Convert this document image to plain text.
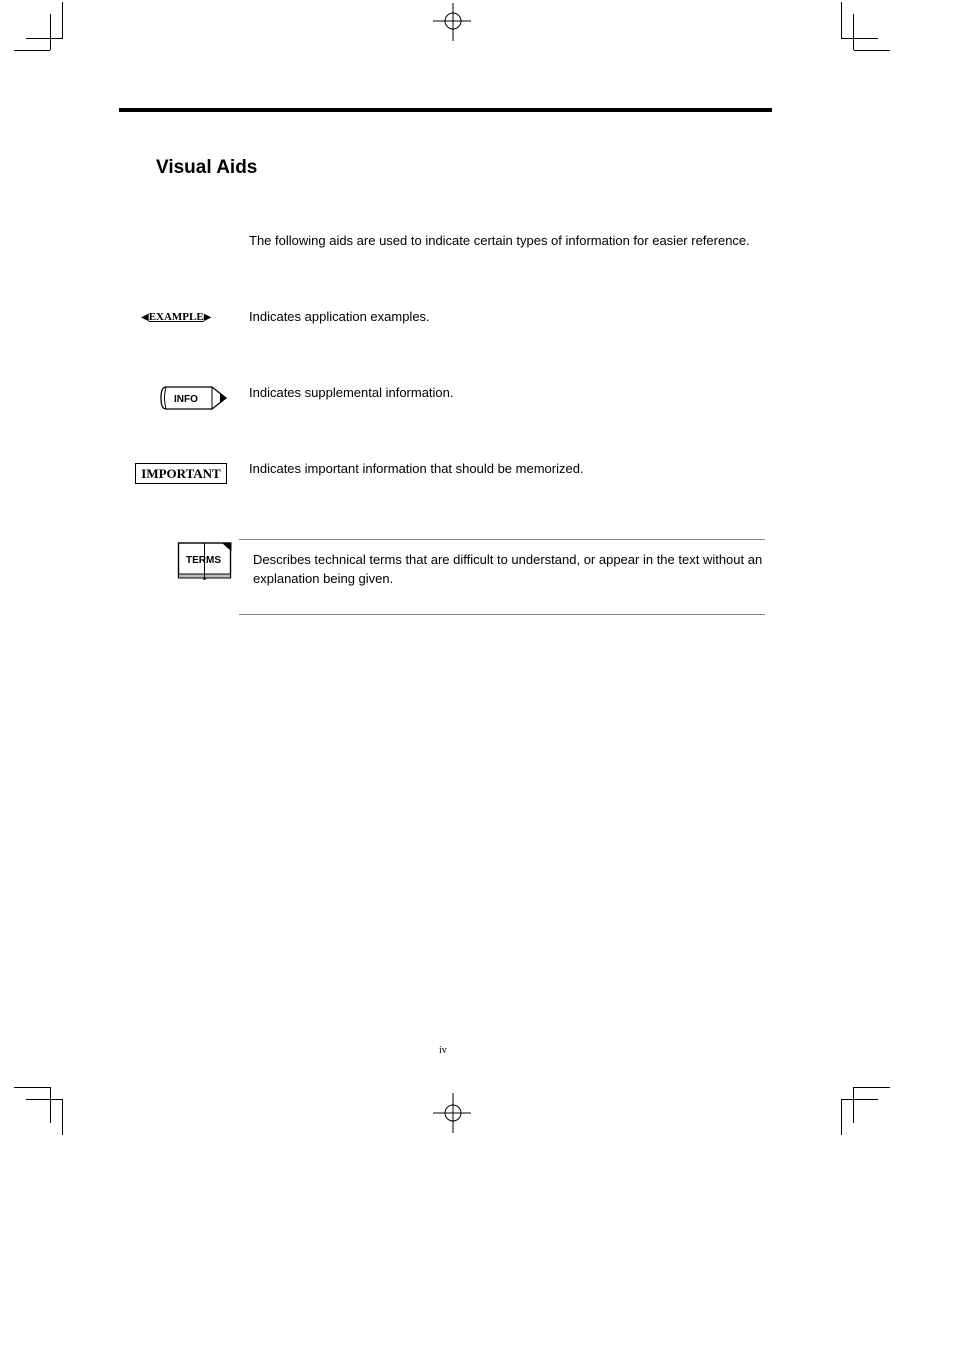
Visual Aids
The following aids are used to indicate certain types of information for easier reference.
◀ EXAMPLE ▶	Indicates application examples.
INFO	Indicates supplemental information.
IMPORTANT Indicates important information that should be memorized.
TERMS Describes technical terms that are difficult to understand, or appear in the text without an explanation being given.
iv
